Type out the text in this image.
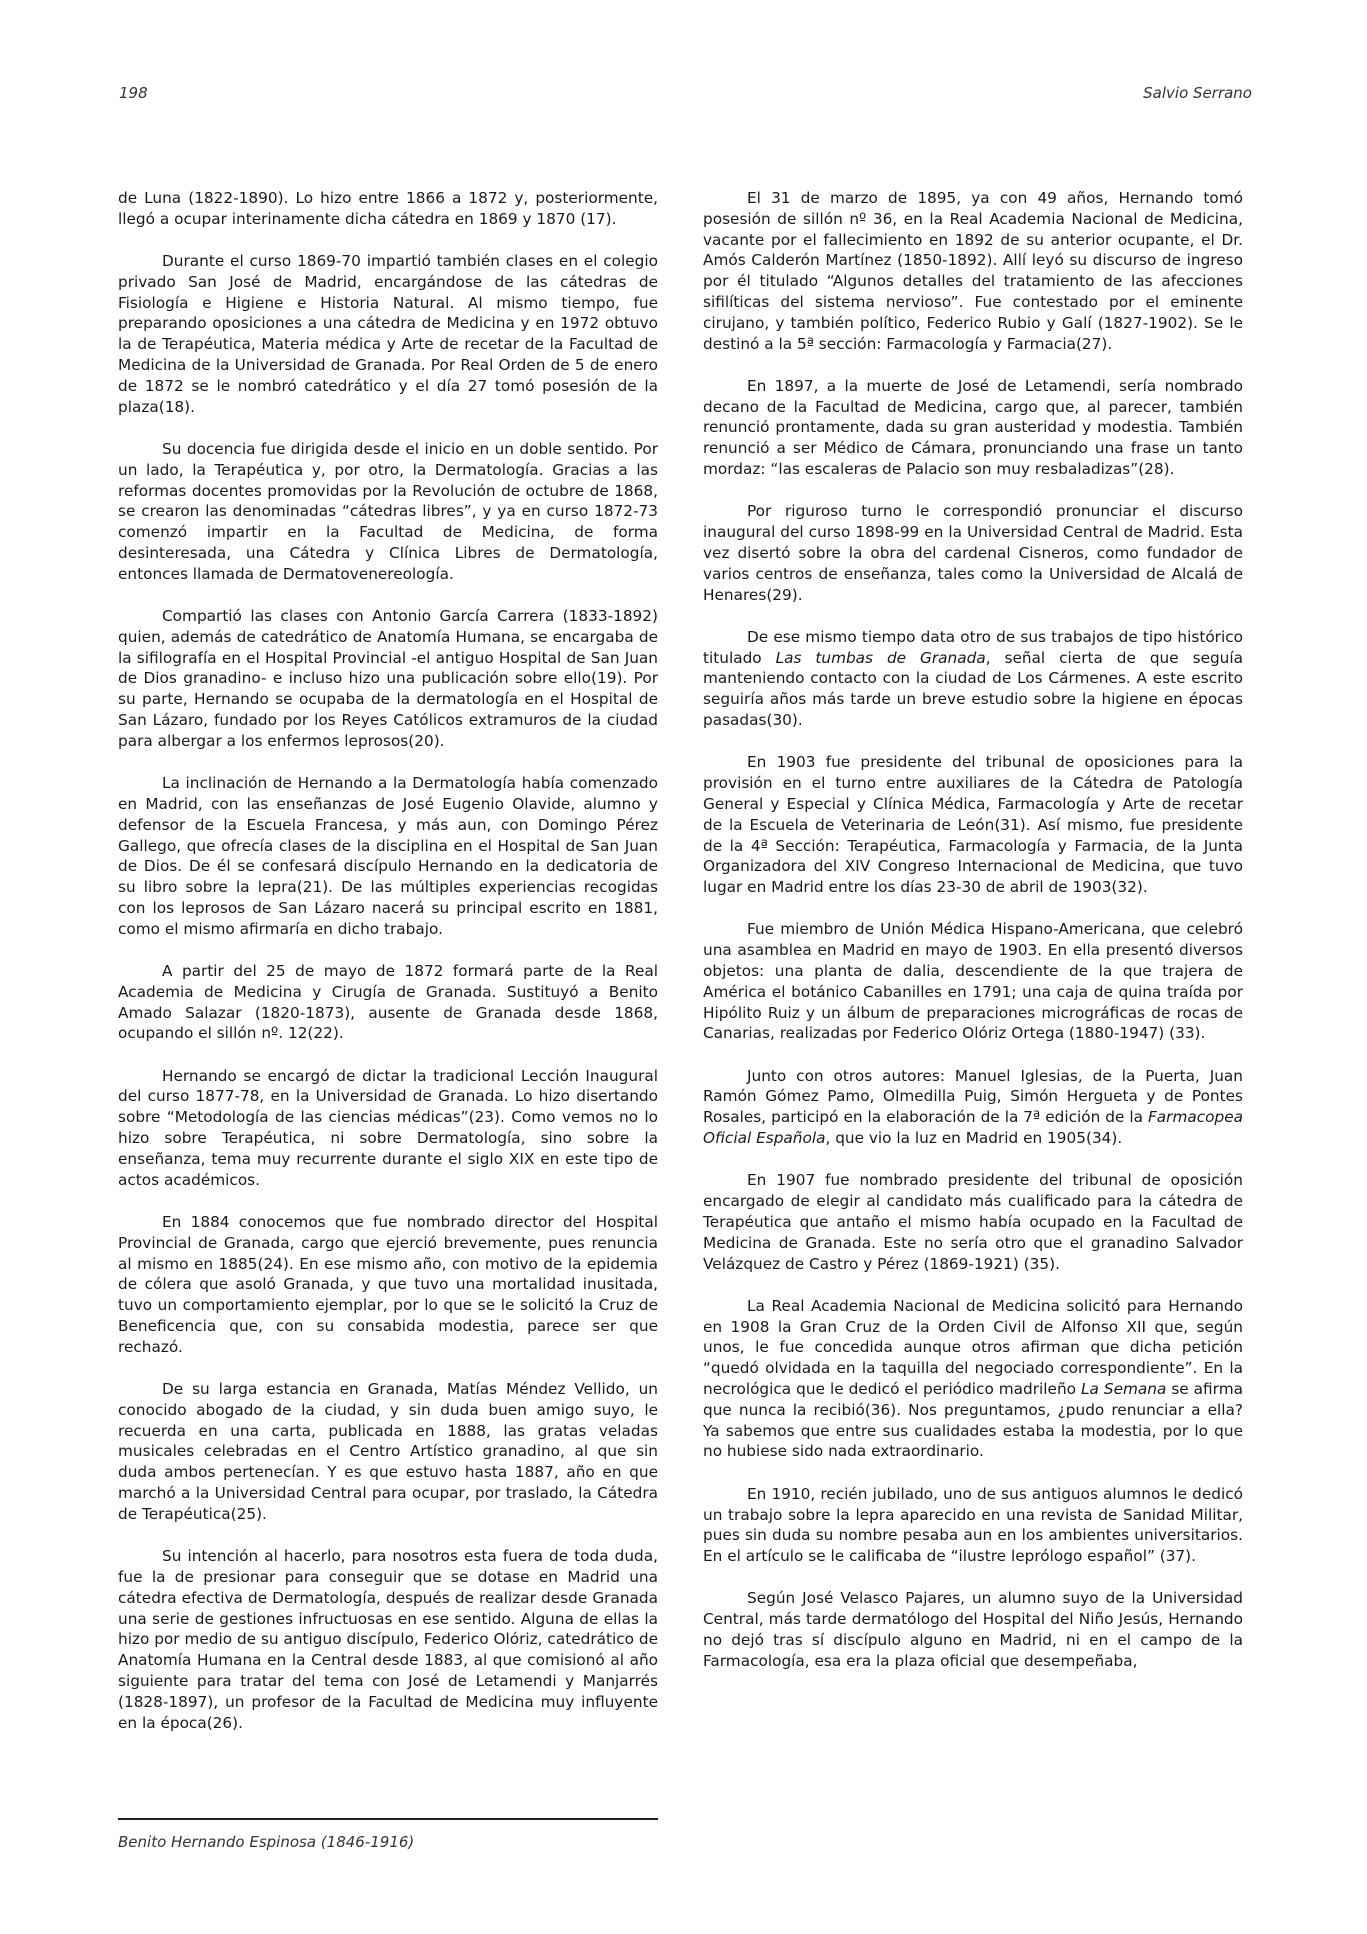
198	Salvio Serrano

de Luna (1822-1890). Lo hizo entre 1866 a 1872 y, posteriormente, llegó a ocupar interinamente dicha cátedra en 1869 y 1870 (17).

Durante el curso 1869-70 impartió también clases en el colegio privado San José de Madrid, encargándose de las cátedras de Fisiología e Higiene e Historia Natural. Al mismo tiempo, fue preparando oposiciones a una cátedra de Medicina y en 1972 obtuvo la de Terapéutica, Materia médica y Arte de recetar de la Facultad de Medicina de la Universidad de Granada. Por Real Orden de 5 de enero de 1872 se le nombró catedrático y el día 27 tomó posesión de la plaza(18).

Su docencia fue dirigida desde el inicio en un doble sentido. Por un lado, la Terapéutica y, por otro, la Dermatología. Gracias a las reformas docentes promovidas por la Revolución de octubre de 1868, se crearon las denominadas “cátedras libres”, y ya en curso 1872-73 comenzó impartir en la Facultad de Medicina, de forma desinteresada, una Cátedra y Clínica Libres de Dermatología, entonces llamada de Dermatovenereología.

Compartió las clases con Antonio García Carrera (1833-1892) quien, además de catedrático de Anatomía Humana, se encargaba de la sifilografía en el Hospital Provincial -el antiguo Hospital de San Juan de Dios granadino- e incluso hizo una publicación sobre ello(19). Por su parte, Hernando se ocupaba de la dermatología en el Hospital de San Lázaro, fundado por los Reyes Católicos extramuros de la ciudad para albergar a los enfermos leprosos(20).

La inclinación de Hernando a la Dermatología había comenzado en Madrid, con las enseñanzas de José Eugenio Olavide, alumno y defensor de la Escuela Francesa, y más aun, con Domingo Pérez Gallego, que ofrecía clases de la disciplina en el Hospital de San Juan de Dios. De él se confesará discípulo Hernando en la dedicatoria de su libro sobre la lepra(21). De las múltiples experiencias recogidas con los leprosos de San Lázaro nacerá su principal escrito en 1881, como el mismo afirmaría en dicho trabajo.

A partir del 25 de mayo de 1872 formará parte de la Real Academia de Medicina y Cirugía de Granada. Sustituyó a Benito Amado Salazar (1820-1873), ausente de Granada desde 1868, ocupando el sillón nº. 12(22).

Hernando se encargó de dictar la tradicional Lección Inaugural del curso 1877-78, en la Universidad de Granada. Lo hizo disertando sobre “Metodología de las ciencias médicas”(23). Como vemos no lo hizo sobre Terapéutica, ni sobre Dermatología, sino sobre la enseñanza, tema muy recurrente durante el siglo XIX en este tipo de actos académicos.

En 1884 conocemos que fue nombrado director del Hospital Provincial de Granada, cargo que ejerció brevemente, pues renuncia al mismo en 1885(24). En ese mismo año, con motivo de la epidemia de cólera que asoló Granada, y que tuvo una mortalidad inusitada, tuvo un comportamiento ejemplar, por lo que se le solicitó la Cruz de Beneficencia que, con su consabida modestia, parece ser que rechazó.

De su larga estancia en Granada, Matías Méndez Vellido, un conocido abogado de la ciudad, y sin duda buen amigo suyo, le recuerda en una carta, publicada en 1888, las gratas veladas musicales celebradas en el Centro Artístico granadino, al que sin duda ambos pertenecían. Y es que estuvo hasta 1887, año en que marchó a la Universidad Central para ocupar, por traslado, la Cátedra de Terapéutica(25).

Su intención al hacerlo, para nosotros esta fuera de toda duda, fue la de presionar para conseguir que se dotase en Madrid una cátedra efectiva de Dermatología, después de realizar desde Granada una serie de gestiones infructuosas en ese sentido. Alguna de ellas la hizo por medio de su antiguo discípulo, Federico Olóriz, catedrático de Anatomía Humana en la Central desde 1883, al que comisionó al año siguiente para tratar del tema con José de Letamendi y Manjarrés (1828-1897), un profesor de la Facultad de Medicina muy influyente en la época(26).

El 31 de marzo de 1895, ya con 49 años, Hernando tomó posesión de sillón nº 36, en la Real Academia Nacional de Medicina, vacante por el fallecimiento en 1892 de su anterior ocupante, el Dr. Amós Calderón Martínez (1850-1892). Allí leyó su discurso de ingreso por él titulado “Algunos detalles del tratamiento de las afecciones sifilíticas del sistema nervioso”. Fue contestado por el eminente cirujano, y también político, Federico Rubio y Galí (1827-1902). Se le destinó a la 5ª sección: Farmacología y Farmacia(27).

En 1897, a la muerte de José de Letamendi, sería nombrado decano de la Facultad de Medicina, cargo que, al parecer, también renunció prontamente, dada su gran austeridad y modestia. También renunció a ser Médico de Cámara, pronunciando una frase un tanto mordaz: “las escaleras de Palacio son muy resbaladizas”(28).

Por riguroso turno le correspondió pronunciar el discurso inaugural del curso 1898-99 en la Universidad Central de Madrid. Esta vez disertó sobre la obra del cardenal Cisneros, como fundador de varios centros de enseñanza, tales como la Universidad de Alcalá de Henares(29).

De ese mismo tiempo data otro de sus trabajos de tipo histórico titulado Las tumbas de Granada, señal cierta de que seguía manteniendo contacto con la ciudad de Los Cármenes. A este escrito seguiría años más tarde un breve estudio sobre la higiene en épocas pasadas(30).

En 1903 fue presidente del tribunal de oposiciones para la provisión en el turno entre auxiliares de la Cátedra de Patología General y Especial y Clínica Médica, Farmacología y Arte de recetar de la Escuela de Veterinaria de León(31). Así mismo, fue presidente de la 4ª Sección: Terapéutica, Farmacología y Farmacia, de la Junta Organizadora del XIV Congreso Internacional de Medicina, que tuvo lugar en Madrid entre los días 23-30 de abril de 1903(32).

Fue miembro de Unión Médica Hispano-Americana, que celebró una asamblea en Madrid en mayo de 1903. En ella presentó diversos objetos: una planta de dalia, descendiente de la que trajera de América el botánico Cabanilles en 1791; una caja de quina traída por Hipólito Ruiz y un álbum de preparaciones micrográficas de rocas de Canarias, realizadas por Federico Olóriz Ortega (1880-1947) (33).

Junto con otros autores: Manuel Iglesias, de la Puerta, Juan Ramón Gómez Pamo, Olmedilla Puig, Simón Hergueta y de Pontes Rosales, participó en la elaboración de la 7ª edición de la Farmacopea Oficial Española, que vio la luz en Madrid en 1905(34).

En 1907 fue nombrado presidente del tribunal de oposición encargado de elegir al candidato más cualificado para la cátedra de Terapéutica que antaño el mismo había ocupado en la Facultad de Medicina de Granada. Este no sería otro que el granadino Salvador Velázquez de Castro y Pérez (1869-1921) (35).

La Real Academia Nacional de Medicina solicitó para Hernando en 1908 la Gran Cruz de la Orden Civil de Alfonso XII que, según unos, le fue concedida aunque otros afirman que dicha petición “quedó olvidada en la taquilla del negociado correspondiente”. En la necrológica que le dedicó el periódico madrileño La Semana se afirma que nunca la recibió(36). Nos preguntamos, ¿pudo renunciar a ella? Ya sabemos que entre sus cualidades estaba la modestia, por lo que no hubiese sido nada extraordinario.

En 1910, recién jubilado, uno de sus antiguos alumnos le dedicó un trabajo sobre la lepra aparecido en una revista de Sanidad Militar, pues sin duda su nombre pesaba aun en los ambientes universitarios. En el artículo se le calificaba de “ilustre leprólogo español” (37).

Según José Velasco Pajares, un alumno suyo de la Universidad Central, más tarde dermatólogo del Hospital del Niño Jesús, Hernando no dejó tras sí discípulo alguno en Madrid, ni en el campo de la Farmacología, esa era la plaza oficial que desempeñaba,

Benito Hernando Espinosa (1846-1916)
